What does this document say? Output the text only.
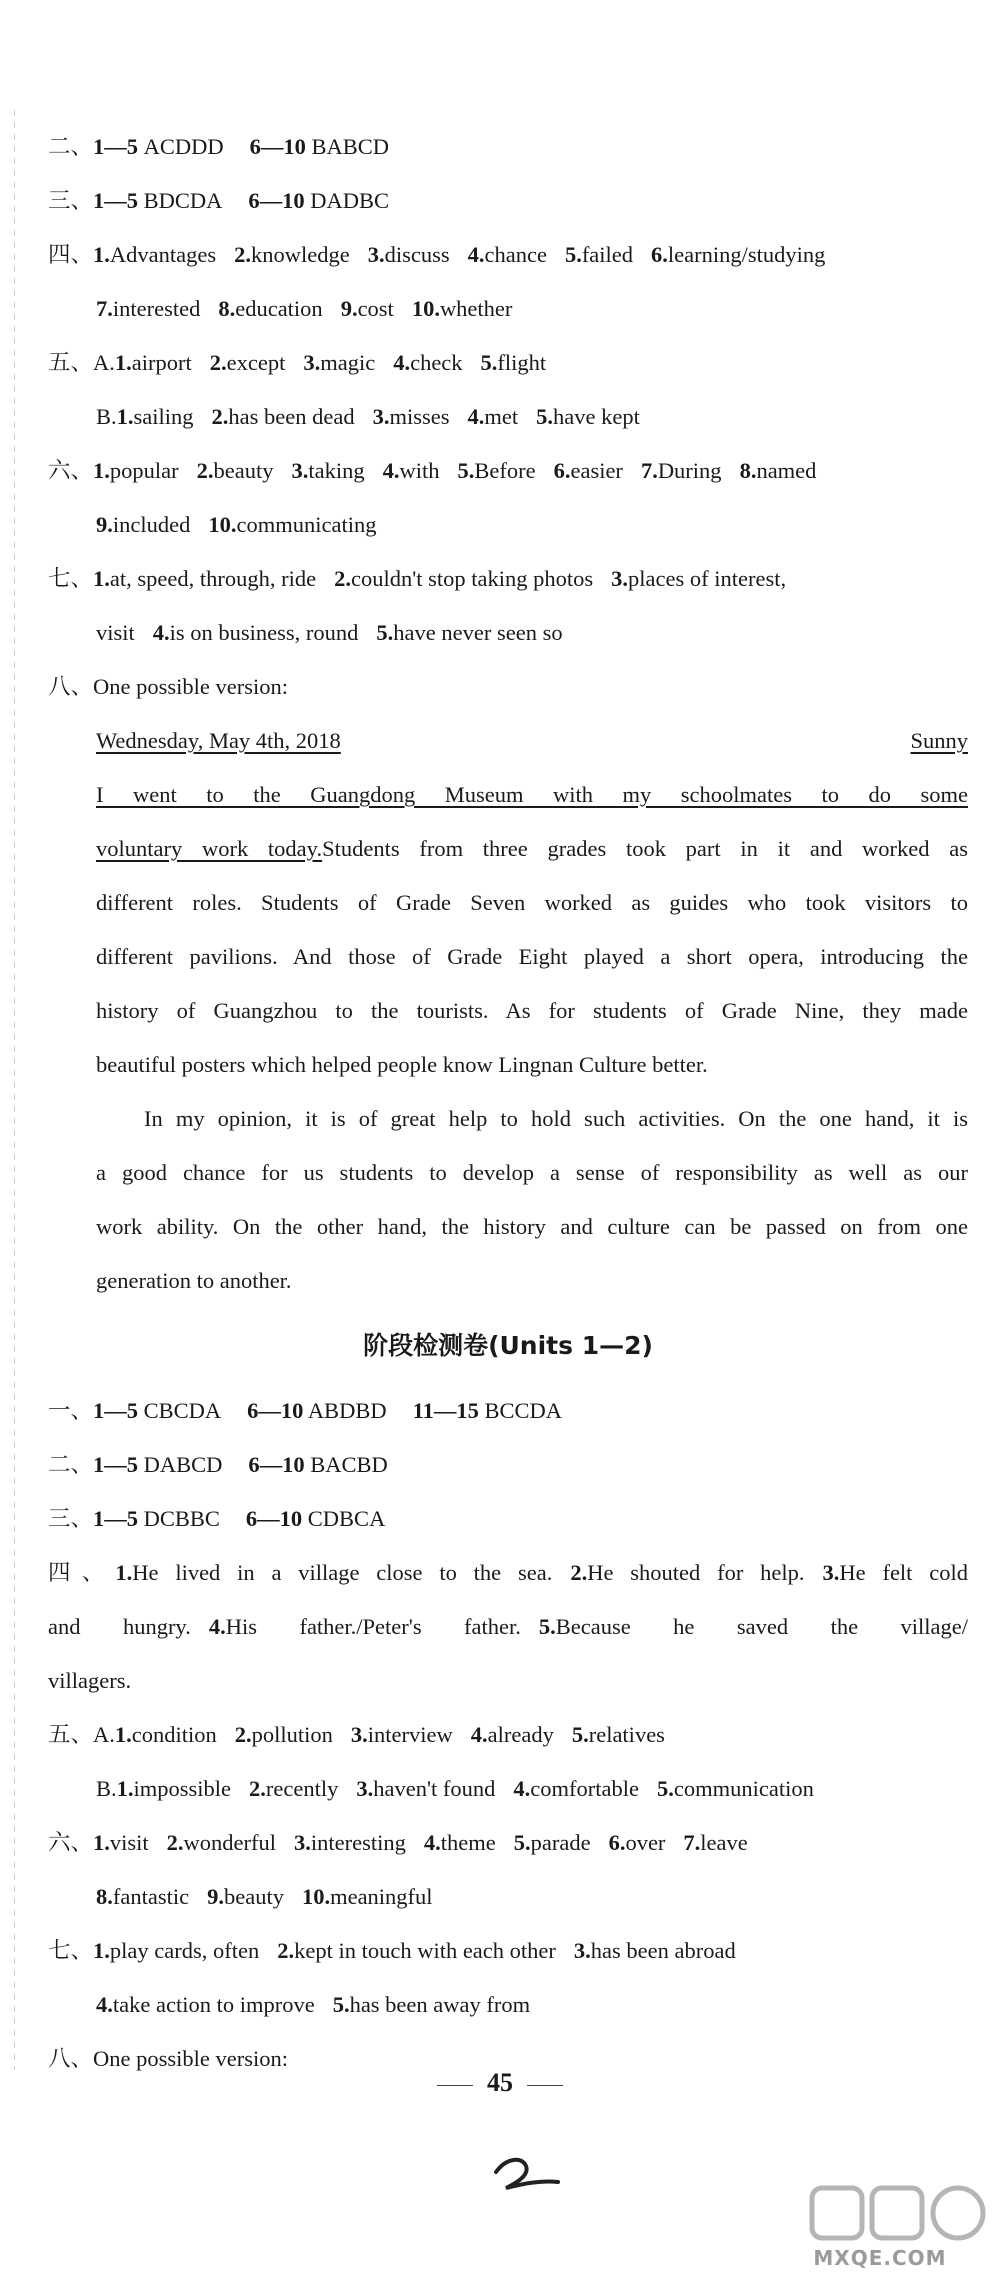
二、1—5 ACDDD 6—10 BABCD
三、1—5 BDCDA 6—10 DADBC
四、1.Advantages 2.knowledge 3.discuss 4.chance 5.failed 6.learning/studying
7.interested 8.education 9.cost 10.whether
五、A.1.airport 2.except 3.magic 4.check 5.flight
B.1.sailing 2.has been dead 3.misses 4.met 5.have kept
六、1.popular 2.beauty 3.taking 4.with 5.Before 6.easier 7.During 8.named
9.included 10.communicating
七、1.at, speed, through, ride 2.couldn't stop taking photos 3.places of interest,
visit 4.is on business, round 5.have never seen so
八、One possible version:
Wednesday, May 4th, 2018	Sunny
I went to the Guangdong Museum with my schoolmates to do some
voluntary work today.Students from three grades took part in it and worked as
different roles. Students of Grade Seven worked as guides who took visitors to
different pavilions. And those of Grade Eight played a short opera, introducing the
history of Guangzhou to the tourists. As for students of Grade Nine, they made
beautiful posters which helped people know Lingnan Culture better.
In my opinion, it is of great help to hold such activities. On the one hand, it is
a good chance for us students to develop a sense of responsibility as well as our
work ability. On the other hand, the history and culture can be passed on from one
generation to another.
阶段检测卷(Units 1—2)
一、1—5 CBCDA 6—10 ABDBD 11—15 BCCDA
二、1—5 DABCD 6—10 BACBD
三、1—5 DCBBC 6—10 CDBCA
四、1.He lived in a village close to the sea. 2.He shouted for help. 3.He felt cold
and hungry. 4.His father./Peter's father. 5.Because he saved the village/
villagers.
五、A.1.condition 2.pollution 3.interview 4.already 5.relatives
B.1.impossible 2.recently 3.haven't found 4.comfortable 5.communication
六、1.visit 2.wonderful 3.interesting 4.theme 5.parade 6.over 7.leave
8.fantastic 9.beauty 10.meaningful
七、1.play cards, often 2.kept in touch with each other 3.has been abroad
4.take action to improve 5.has been away from
八、One possible version:
45
MXQE.COM
